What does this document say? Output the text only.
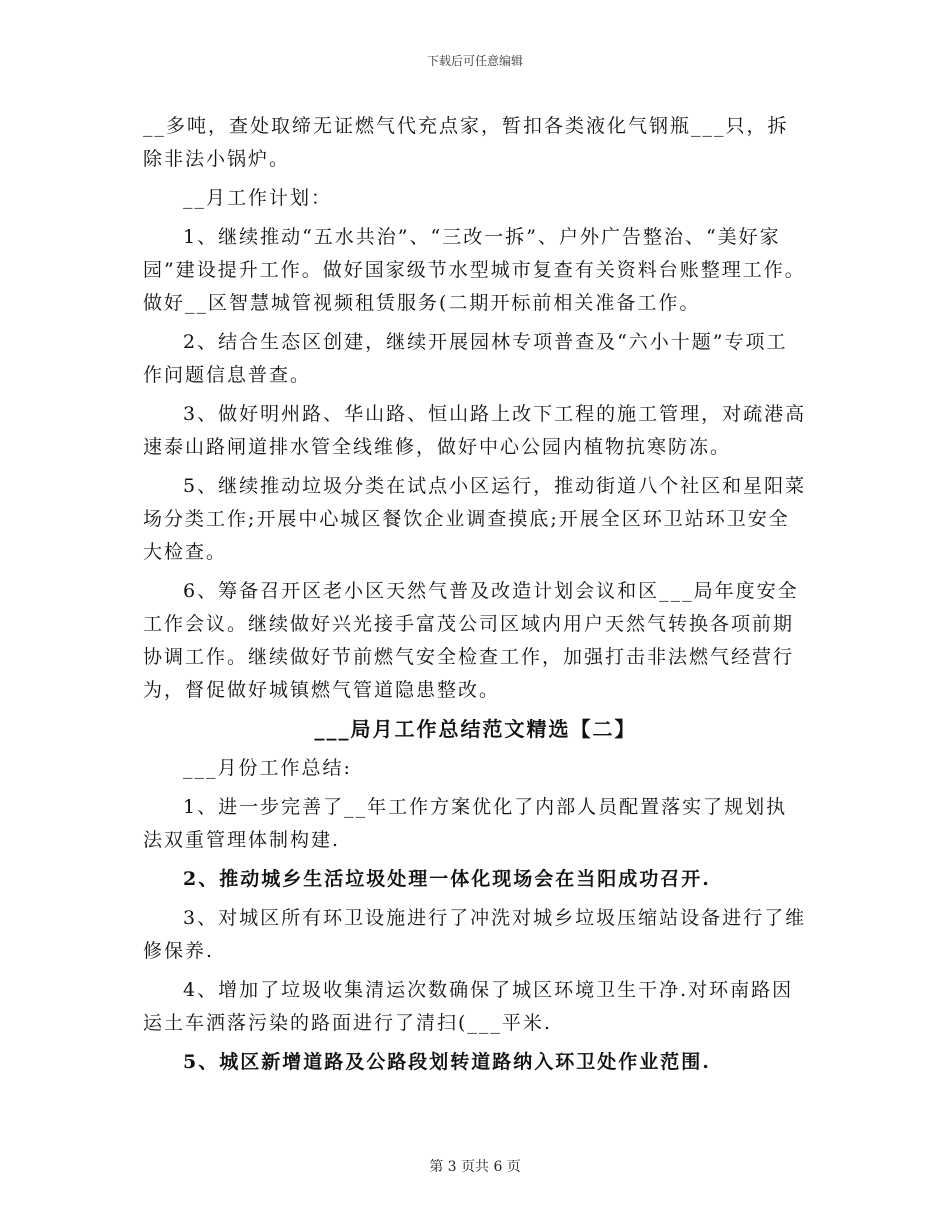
下载后可任意编辑

__多吨，查处取缔无证燃气代充点家，暂扣各类液化气钢瓶___只，拆除非法小锅炉。

__月工作计划：

1、继续推动“五水共治”、“三改一拆”、户外广告整治、“美好家园”建设提升工作。做好国家级节水型城市复查有关资料台账整理工作。做好__区智慧城管视频租赁服务(二期开标前相关准备工作。

2、结合生态区创建，继续开展园林专项普查及“六小十题”专项工作问题信息普查。

3、做好明州路、华山路、恒山路上改下工程的施工管理，对疏港高速泰山路闸道排水管全线维修，做好中心公园内植物抗寒防冻。

5、继续推动垃圾分类在试点小区运行，推动街道八个社区和星阳菜场分类工作;开展中心城区餐饮企业调查摸底;开展全区环卫站环卫安全大检查。

6、筹备召开区老小区天然气普及改造计划会议和区___局年度安全工作会议。继续做好兴光接手富茂公司区域内用户天然气转换各项前期协调工作。继续做好节前燃气安全检查工作，加强打击非法燃气经营行为，督促做好城镇燃气管道隐患整改。

___局月工作总结范文精选【二】

___月份工作总结:

1、进一步完善了__年工作方案优化了内部人员配置落实了规划执法双重管理体制构建.

2、推动城乡生活垃圾处理一体化现场会在当阳成功召开.

3、对城区所有环卫设施进行了冲洗对城乡垃圾压缩站设备进行了维修保养.

4、增加了垃圾收集清运次数确保了城区环境卫生干净.对环南路因运土车洒落污染的路面进行了清扫(___平米.

5、城区新增道路及公路段划转道路纳入环卫处作业范围.

第 3 页共 6 页
